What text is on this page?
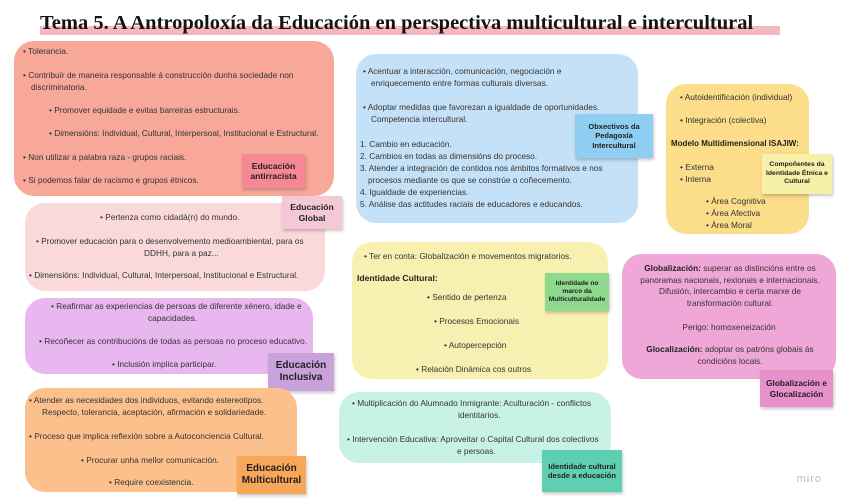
Tema 5. A Antropoloxía da Educación en perspectiva multicultural e intercultural
• Tolerancia.
• Contribuír de maneira responsable á construcción dunha sociedade non
discriminatoria.
• Promover equidade e evitas barreiras estructurais.
• Dimensións: Individual, Cultural, Interpersoal, Institucional e Estructural.
• Non utilizar a palabra raza - grupos raciais.
• Si podemos falar de racismo e grupos étnicos.
Educación antirracista
• Pertenza como cidadá(n) do mundo.
• Promover educación para o desenvolvemento medioambiental, para os
DDHH, para a paz...
• Dimensións: Individual, Cultural, Interpersoal, Institucional e Estructural.
Educación Global
• Reafirmar as experiencias de persoas de diferente xénero, idade e
capacidades.
• Recoñecer as contribucións de todas as persoas no proceso educativo.
• Inclusión implica participar.	Educación Inclusiva
• Atender as necesidades dos individuos, evitando estereotipos.
Respecto, tolerancia, aceptación, afirmación e solidariedade.
• Proceso que implica reflexión sobre a Autoconciencia Cultural.
• Procurar unha mellor comunicación.
• Require coexistencia.
Educación Multicultural
• Acentuar a interacción, comunicación, negociación e
enriquecemento entre formas culturais diversas.
• Adoptar medidas que favorezan a igualdade de oportunidades.
Competencia intercultural.
1. Cambio en educación.
2. Cambios en todas as dimensións do proceso.
3. Atender a integración de contidos nos ámbitos formativos e nos
procesos mediante os que se constrúe o coñecemento.
4. Igualdade de experiencias.
5. Análise das actitudes raciais de educadores e educandos.
Obxectivos da Pedagoxía Intercultural
• Ter en conta: Globalización e movementos migratorios.
Identidade Cultural:
• Sentido de pertenza
• Procesos Emocionais
• Autopercepción
• Relación Dinámica cos outros
Identidade no marco da Multiculturalidade
• Multiplicación do Alumnado Inmigrante: Aculturación - conflictos
identitarios.
• Intervención Educativa: Aproveitar o Capital Cultural dos colectivos
e persoas.
Identidade cultural desde a educación
• Autoidentificación (individual)
• Integración (colectiva)
Modelo Multidimensional ISAJIW:
• Externa
• Interna
• Área Cognitiva
• Área Afectiva
• Área Moral
Compoñentes da Identidade Étnica e Cultural
Globalización: superar as distincións entre os panoramas nacionais, rexionais e internacionais. Difusión, intercambio e certa marxe de transformación cultural.
Perigo: homoxeneización
Glocalización: adoptar os patróns globais ás condicións locais.
Globalización e Glocalización
miro
